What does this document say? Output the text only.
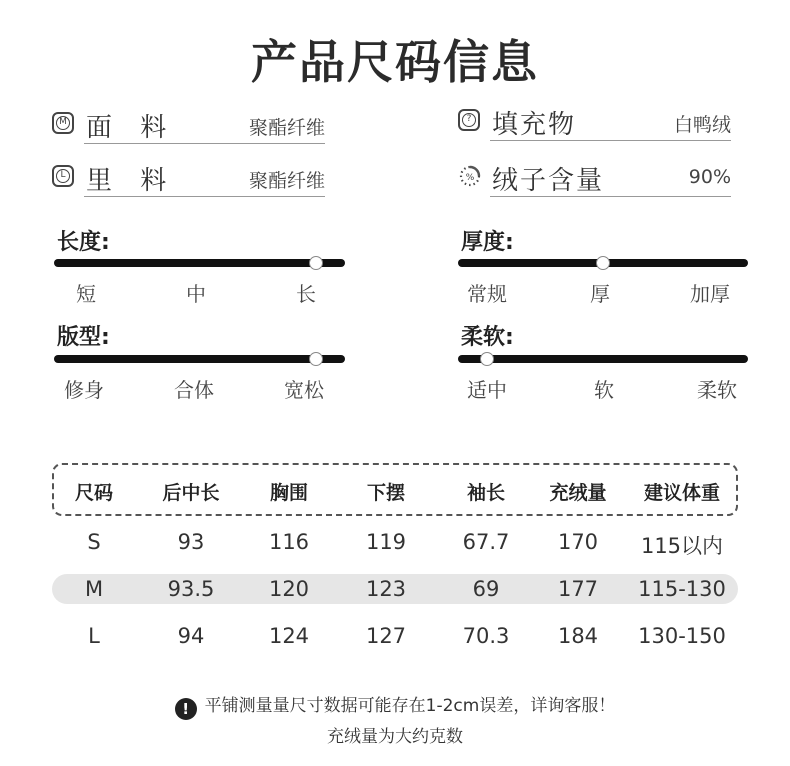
产品尺码信息
M 面 料	聚酯纤维	? 填充物	白鸭绒
L 里 料	聚酯纤维	% 绒子含量	90%
长度:
短	中	长
厚度:
常规	厚	加厚
版型:
修身	合体	宽松
柔软:
适中	软	柔软
尺码	后中长	胸围	下摆	袖长	充绒量	建议体重
S	93	116	119	67.7	170	115以内
M	93.5	120	123	69	177	115-130
L	94	124	127	70.3	184	130-150
! 平铺测量量尺寸数据可能存在1-2cm误差，详询客服！
充绒量为大约克数
